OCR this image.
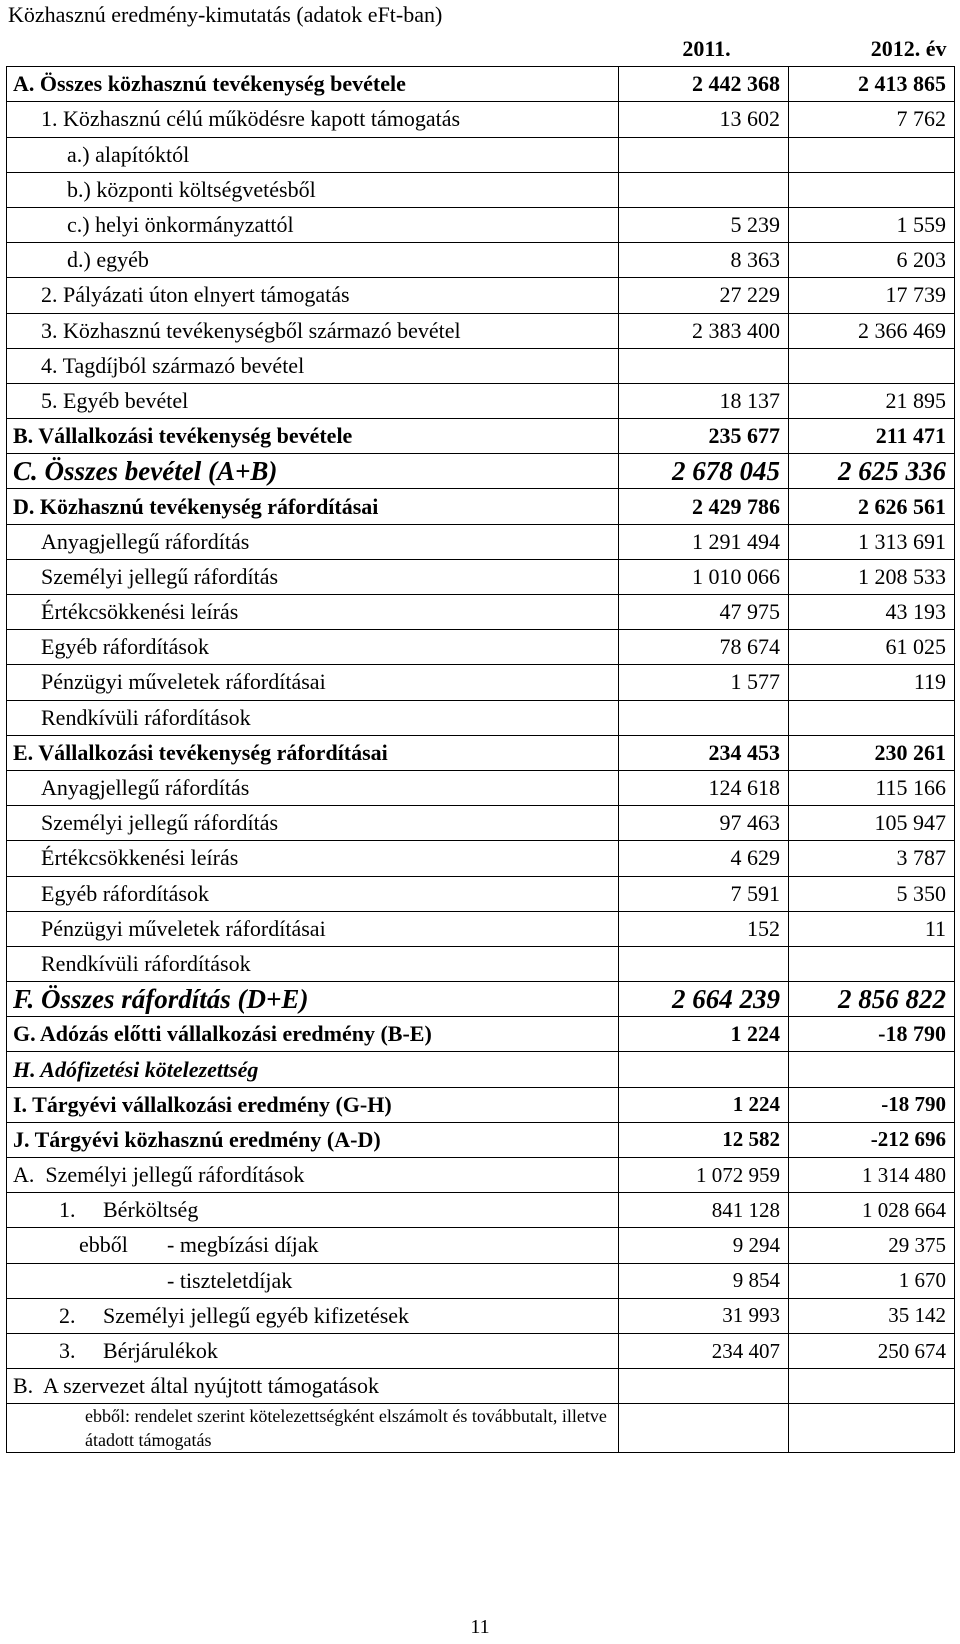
Közhasznú eredmény-kimutatás (adatok eFt-ban)
	2011.	2012. év
A. Összes közhasznú tevékenység bevétele	2 442 368	2 413 865
1. Közhasznú célú működésre kapott támogatás	13 602	7 762
a.) alapítóktól		
b.) központi költségvetésből		
c.) helyi önkormányzattól	5 239	1 559
d.) egyéb	8 363	6 203
2. Pályázati úton elnyert támogatás	27 229	17 739
3. Közhasznú tevékenységből származó bevétel	2 383 400	2 366 469
4. Tagdíjból származó bevétel		
5. Egyéb bevétel	18 137	21 895
B. Vállalkozási tevékenység bevétele	235 677	211 471
C. Összes bevétel (A+B)	2 678 045	2 625 336
D. Közhasznú tevékenység ráfordításai	2 429 786	2 626 561
Anyagjellegű ráfordítás	1 291 494	1 313 691
Személyi jellegű ráfordítás	1 010 066	1 208 533
Értékcsökkenési leírás	47 975	43 193
Egyéb ráfordítások	78 674	61 025
Pénzügyi műveletek ráfordításai	1 577	119
Rendkívüli ráfordítások		
E. Vállalkozási tevékenység ráfordításai	234 453	230 261
Anyagjellegű ráfordítás	124 618	115 166
Személyi jellegű ráfordítás	97 463	105 947
Értékcsökkenési leírás	4 629	3 787
Egyéb ráfordítások	7 591	5 350
Pénzügyi műveletek ráfordításai	152	11
Rendkívüli ráfordítások		
F. Összes ráfordítás (D+E)	2 664 239	2 856 822
G. Adózás előtti vállalkozási eredmény (B-E)	1 224	-18 790
H. Adófizetési kötelezettség		
I. Tárgyévi vállalkozási eredmény (G-H)	1 224	-18 790
J. Tárgyévi közhasznú eredmény (A-D)	12 582	-212 696
A.  Személyi jellegű ráfordítások	1 072 959	1 314 480
1. Bérköltség	841 128	1 028 664
ebből - megbízási díjak	9 294	29 375
- tiszteletdíjak	9 854	1 670
2. Személyi jellegű egyéb kifizetések	31 993	35 142
3. Bérjárulékok	234 407	250 674
B.  A szervezet által nyújtott támogatások		
ebből: rendelet szerint kötelezettségként elszámolt és továbbutalt, illetve átadott támogatás		
11
